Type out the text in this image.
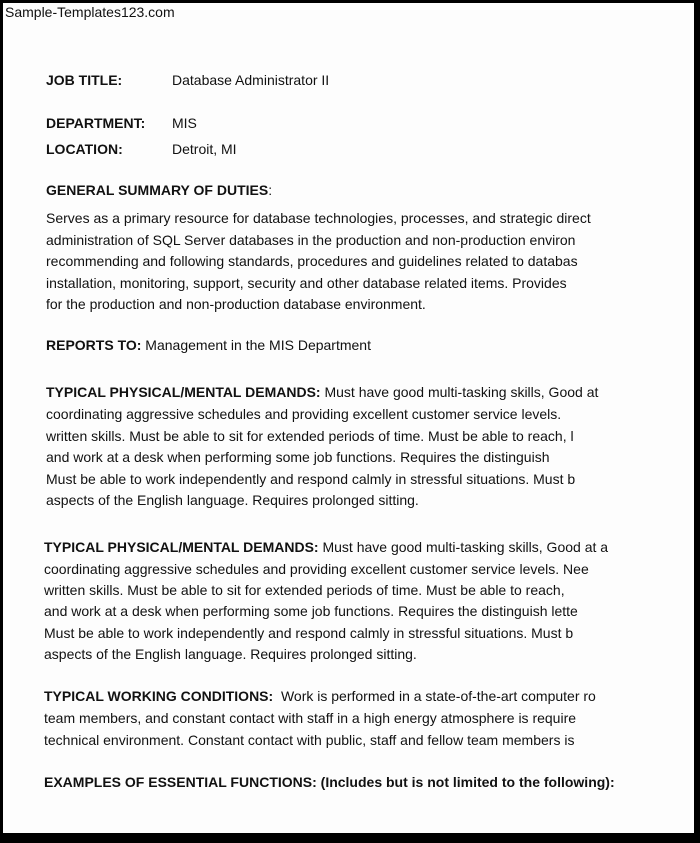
Sample-Templates123.com
JOB TITLE:	Database Administrator II
DEPARTMENT: MIS
LOCATION:	Detroit, MI
GENERAL SUMMARY OF DUTIES:
Serves as a primary resource for database technologies, processes, and strategic direct
administration of SQL Server databases in the production and non-production environ
recommending and following standards, procedures and guidelines related to databas
installation, monitoring, support, security and other database related items. Provides
for the production and non-production database environment.
REPORTS TO: Management in the MIS Department
TYPICAL PHYSICAL/MENTAL DEMANDS: Must have good multi-tasking skills, Good at
coordinating aggressive schedules and providing excellent customer service levels.
written skills. Must be able to sit for extended periods of time. Must be able to reach, l
and work at a desk when performing some job functions. Requires the distinguish
Must be able to work independently and respond calmly in stressful situations. Must b
aspects of the English language. Requires prolonged sitting.
TYPICAL PHYSICAL/MENTAL DEMANDS: Must have good multi-tasking skills, Good at a
coordinating aggressive schedules and providing excellent customer service levels. Nee
written skills. Must be able to sit for extended periods of time. Must be able to reach,
and work at a desk when performing some job functions. Requires the distinguish lette
Must be able to work independently and respond calmly in stressful situations. Must b
aspects of the English language. Requires prolonged sitting.
TYPICAL WORKING CONDITIONS:  Work is performed in a state-of-the-art computer ro
team members, and constant contact with staff in a high energy atmosphere is require
technical environment. Constant contact with public, staff and fellow team members is
EXAMPLES OF ESSENTIAL FUNCTIONS: (Includes but is not limited to the following):
